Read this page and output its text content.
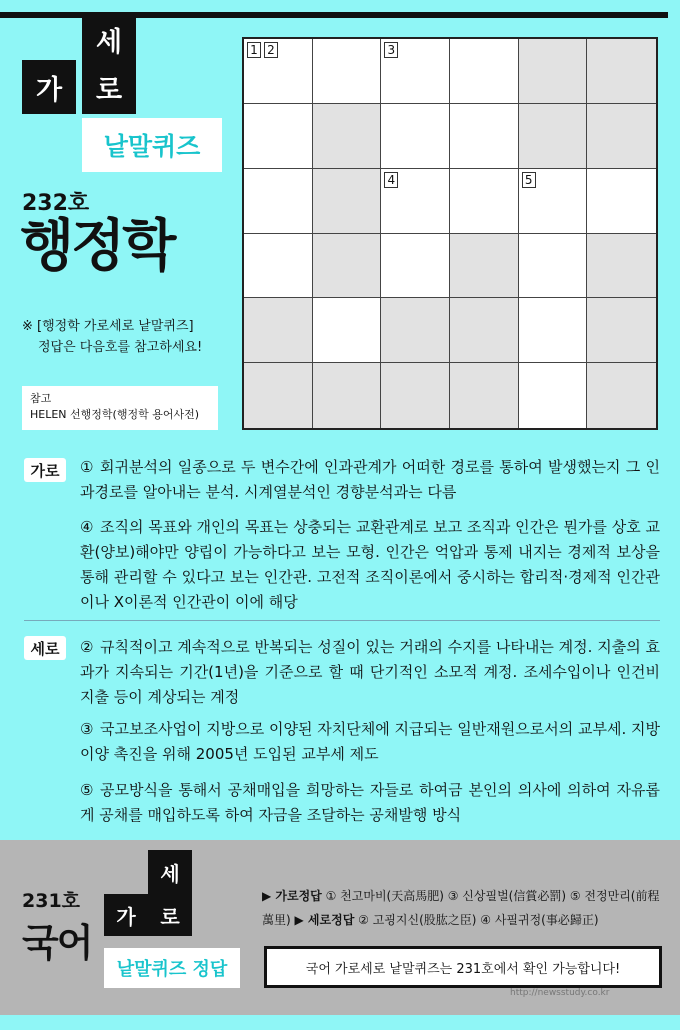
세
가 로
낱말퀴즈
232호
행정학
※ [행정학 가로세로 낱말퀴즈]
정답은 다음호를 참고하세요!
참고
HELEN 선행정학(행정학 용어사전)
1 2	3
4	5
가로	① 회귀분석의 일종으로 두 변수간에 인과관계가 어떠한 경로를 통하여 발생했는지 그 인과경로를 알아내는 분석. 시계열분석인 경향분석과는 다름
④ 조직의 목표와 개인의 목표는 상충되는 교환관계로 보고 조직과 인간은 뭔가를 상호 교환(양보)해야만 양립이 가능하다고 보는 모형. 인간은 억압과 통제 내지는 경제적 보상을 통해 관리할 수 있다고 보는 인간관. 고전적 조직이론에서 중시하는 합리적·경제적 인간관이나 X이론적 인간관이 이에 해당
세로	② 규칙적이고 계속적으로 반복되는 성질이 있는 거래의 수지를 나타내는 계정. 지출의 효과가 지속되는 기간(1년)을 기준으로 할 때 단기적인 소모적 계정. 조세수입이나 인건비 지출 등이 계상되는 계정
③ 국고보조사업이 지방으로 이양된 자치단체에 지급되는 일반재원으로서의 교부세. 지방이양 촉진을 위해 2005년 도입된 교부세 제도
⑤ 공모방식을 통해서 공채매입을 희망하는 자들로 하여금 본인의 의사에 의하여 자유롭게 공채를 매입하도록 하여 자금을 조달하는 공채발행 방식
231호
국어
세
가	로
낱말퀴즈 정답
▶ 가로정답 ① 천고마비(天高馬肥) ③ 신상필벌(信賞必罰) ⑤ 전정만리(前程萬里) ▶ 세로정답 ② 고굉지신(股肱之臣) ④ 사필귀정(事必歸正)
국어 가로세로 낱말퀴즈는 231호에서 확인 가능합니다!
http://newsstudy.co.kr
